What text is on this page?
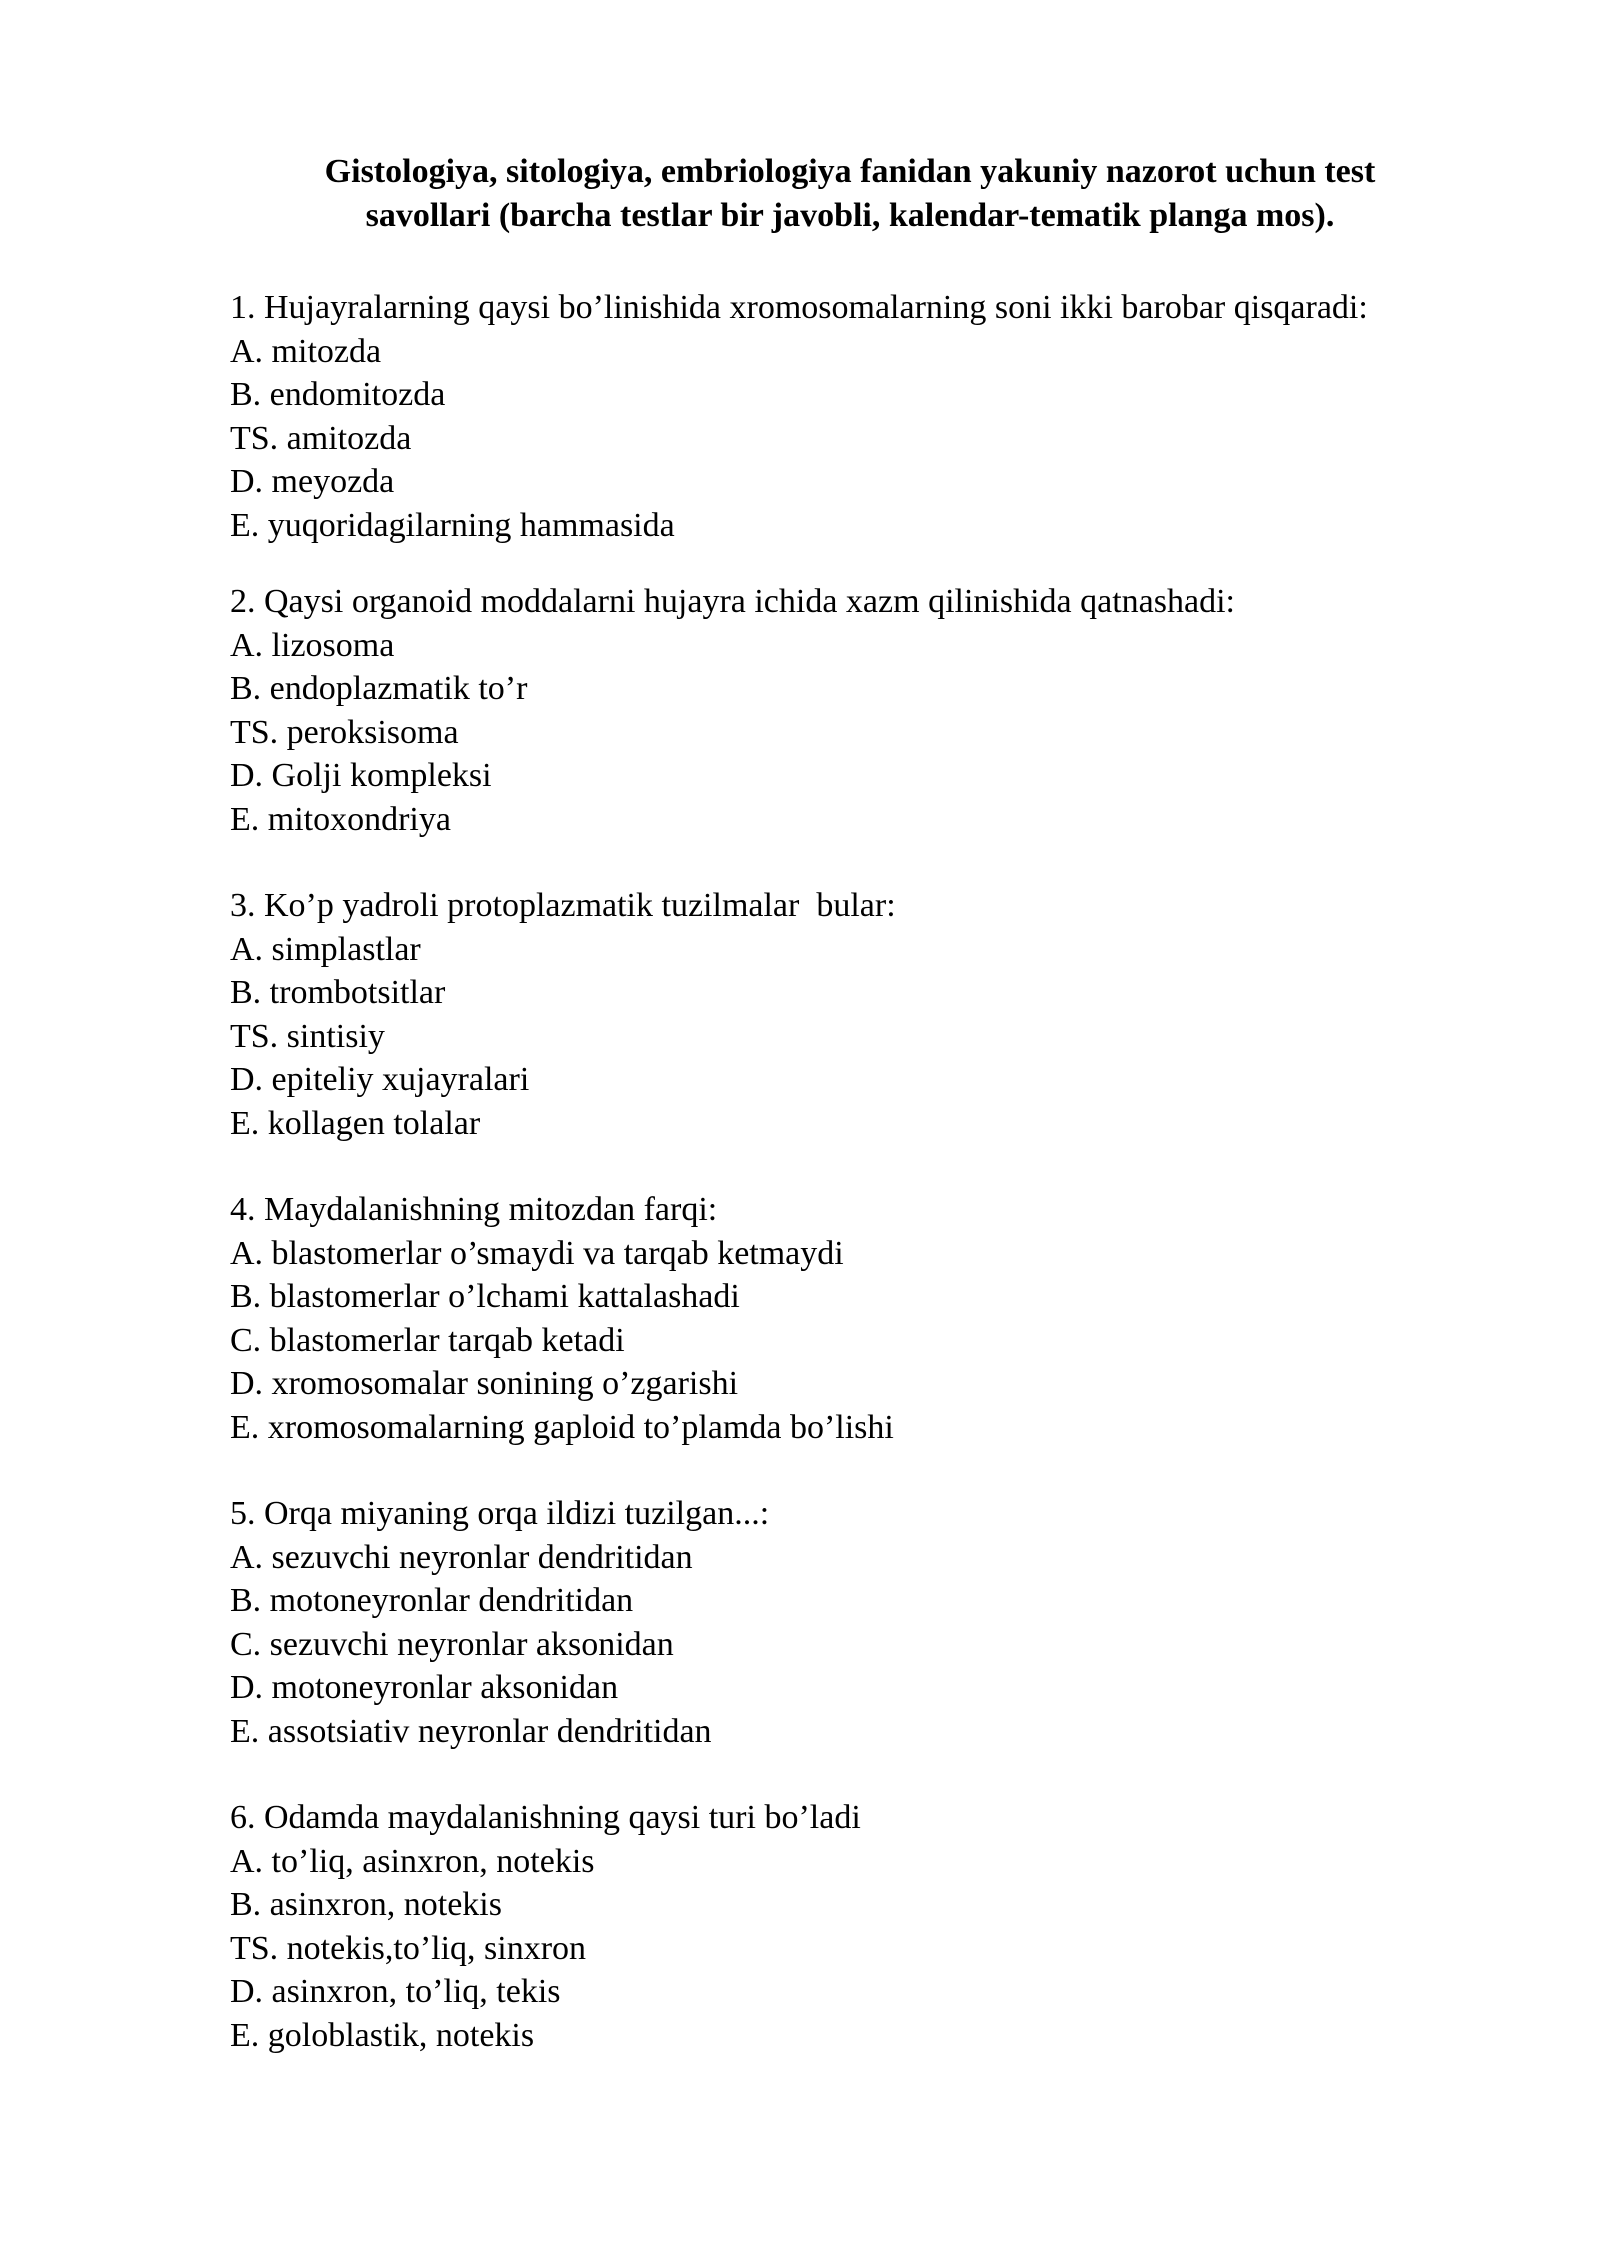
Gistologiya, sitologiya, embriologiya fanidan yakuniy nazorot uchun test
savollari (barcha testlar bir javobli, kalendar-tematik planga mos).
1. Hujayralarning qaysi bo’linishida xromosomalarning soni ikki barobar qisqaradi:
A. mitozda
B. endomitozda
TS. amitozda
D. meyozda
E. yuqoridagilarning hammasida
2. Qaysi organoid moddalarni hujayra ichida xazm qilinishida qatnashadi:
A. lizosoma
B. endoplazmatik to’r
TS. peroksisoma
D. Golji kompleksi
E. mitoxondriya
3. Ko’p yadroli protoplazmatik tuzilmalar  bular:
A. simplastlar
B. trombotsitlar
TS. sintisiy
D. epiteliy xujayralari
E. kollagen tolalar
4. Maydalanishning mitozdan farqi:
A. blastomerlar o’smaydi va tarqab ketmaydi
B. blastomerlar o’lchami kattalashadi
C. blastomerlar tarqab ketadi
D. xromosomalar sonining o’zgarishi
E. xromosomalarning gaploid to’plamda bo’lishi
5. Orqa miyaning orqa ildizi tuzilgan...:
A. sezuvchi neyronlar dendritidan
B. motoneyronlar dendritidan
C. sezuvchi neyronlar aksonidan
D. motoneyronlar aksonidan
E. assotsiativ neyronlar dendritidan
6. Odamda maydalanishning qaysi turi bo’ladi
A. to’liq, asinxron, notekis
B. asinxron, notekis
TS. notekis,to’liq, sinxron
D. asinxron, to’liq, tekis
E. goloblastik, notekis
